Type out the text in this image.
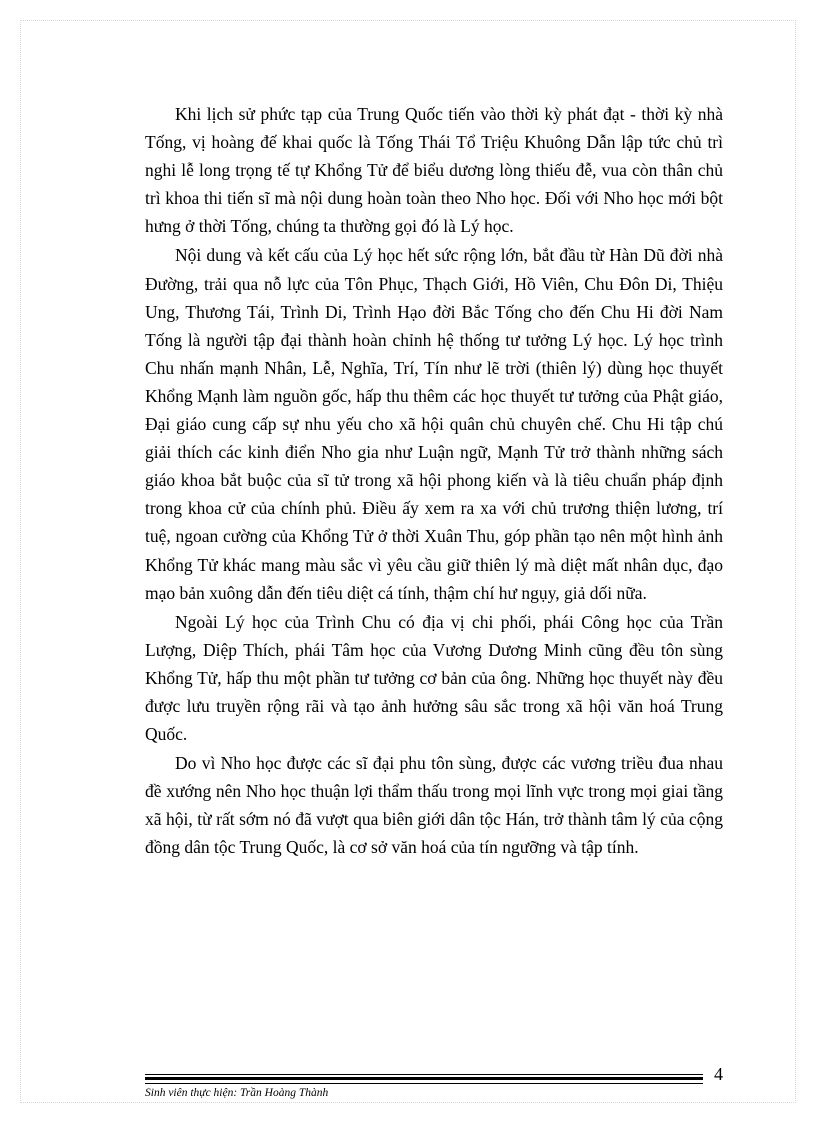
Khi lịch sử phức tạp của Trung Quốc tiến vào thời kỳ phát đạt - thời kỳ nhà Tống, vị hoàng đế khai quốc là Tống Thái Tổ Triệu Khuông Dẫn lập tức chủ trì nghi lễ long trọng tế tự Khổng Tử để biểu dương lòng thiếu đễ, vua còn thân chủ trì khoa thi tiến sĩ mà nội dung hoàn toàn theo Nho học. Đối với Nho học mới bột hưng ở thời Tống, chúng ta thường gọi đó là Lý học.

Nội dung và kết cấu của Lý học hết sức rộng lớn, bắt đầu từ Hàn Dũ đời nhà Đường, trải qua nỗ lực của Tôn Phục, Thạch Giới, Hồ Viên, Chu Đôn Di, Thiệu Ung, Thương Tái, Trình Di, Trình Hạo đời Bắc Tống cho đến Chu Hi đời Nam Tống là người tập đại thành hoàn chỉnh hệ thống tư tưởng Lý học. Lý học trình Chu nhấn mạnh Nhân, Lễ, Nghĩa, Trí, Tín như lẽ trời (thiên lý) dùng học thuyết Khổng Mạnh làm nguồn gốc, hấp thu thêm các học thuyết tư tưởng của Phật giáo, Đại giáo cung cấp sự nhu yếu cho xã hội quân chủ chuyên chế. Chu Hi tập chú giải thích các kinh điển Nho gia như Luận ngữ, Mạnh Tử trở thành những sách giáo khoa bắt buộc của sĩ tử trong xã hội phong kiến và là tiêu chuẩn pháp định trong khoa cử của chính phủ. Điều ấy xem ra xa với chủ trương thiện lương, trí tuệ, ngoan cường của Khổng Tử ở thời Xuân Thu, góp phần tạo nên một hình ảnh Khổng Tử khác mang màu sắc vì yêu cầu giữ thiên lý mà diệt mất nhân dục, đạo mạo bản xuông dẫn đến tiêu diệt cá tính, thậm chí hư ngụy, giả dối nữa.

Ngoài Lý học của Trình Chu có địa vị chi phối, phái Công học của Trần Lượng, Diệp Thích, phái Tâm học của Vương Dương Minh cũng đều tôn sùng Khổng Tử, hấp thu một phần tư tưởng cơ bản của ông. Những học thuyết này đều được lưu truyền rộng rãi và tạo ảnh hưởng sâu sắc trong xã hội văn hoá Trung Quốc.

Do vì Nho học được các sĩ đại phu tôn sùng, được các vương triều đua nhau đề xướng nên Nho học thuận lợi thẩm thấu trong mọi lĩnh vực trong mọi giai tầng xã hội, từ rất sớm nó đã vượt qua biên giới dân tộc Hán, trở thành tâm lý của cộng đồng dân tộc Trung Quốc, là cơ sở văn hoá của tín ngưỡng và tập tính.

4
Sinh viên thực hiện: Trần Hoàng Thành
